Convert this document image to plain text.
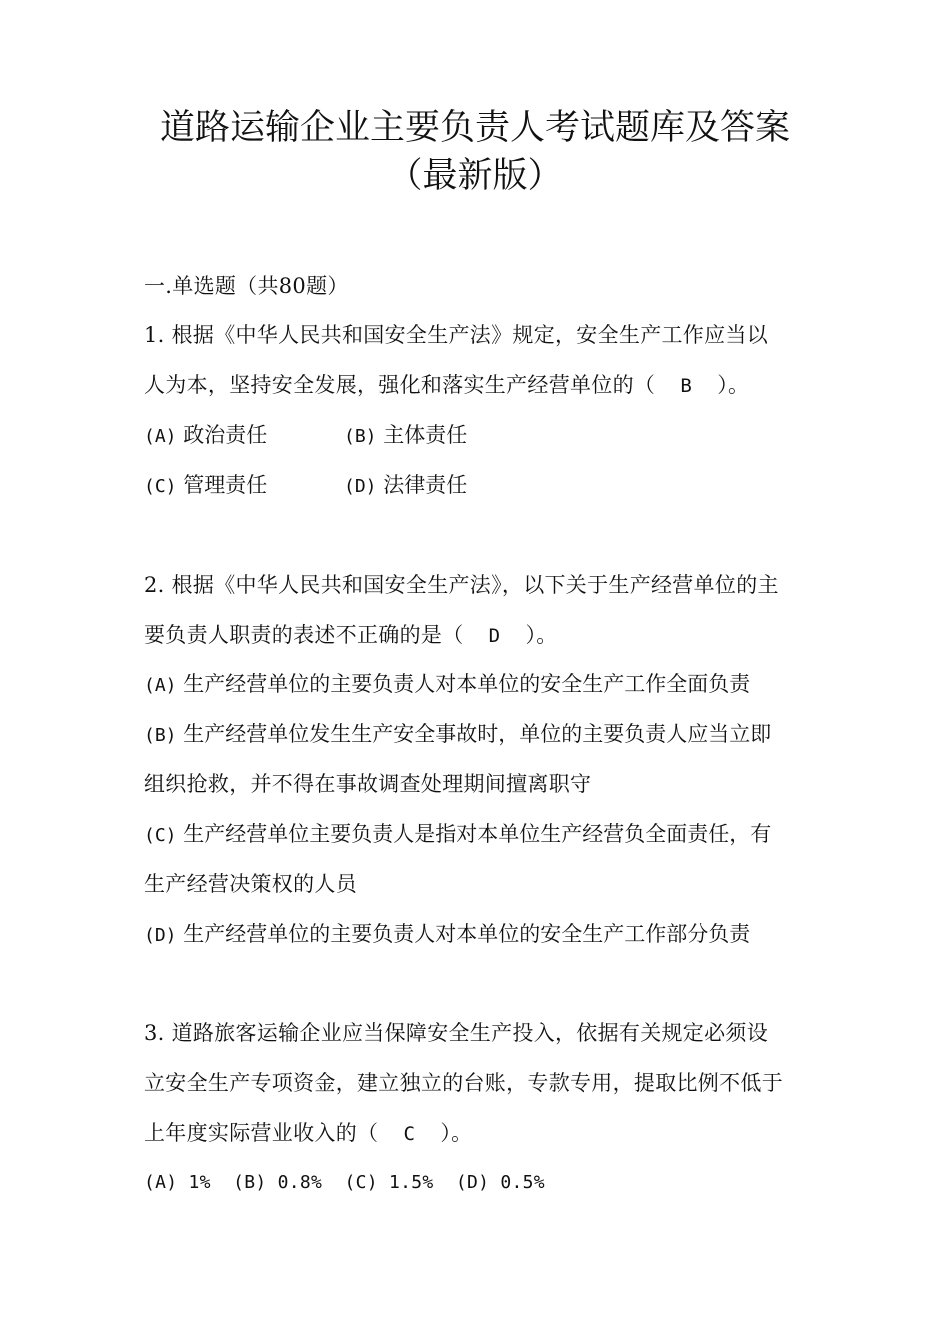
道路运输企业主要负责人考试题库及答案
（最新版）
一.单选题（共80题）
1. 根据《中华人民共和国安全生产法》规定，安全生产工作应当以
人为本，坚持安全发展，强化和落实生产经营单位的（ B ）。
(A) 政治责任	(B) 主体责任
(C) 管理责任	(D) 法律责任
2. 根据《中华人民共和国安全生产法》，以下关于生产经营单位的主
要负责人职责的表述不正确的是（ D ）。
(A) 生产经营单位的主要负责人对本单位的安全生产工作全面负责
(B) 生产经营单位发生生产安全事故时，单位的主要负责人应当立即
组织抢救，并不得在事故调查处理期间擅离职守
(C) 生产经营单位主要负责人是指对本单位生产经营负全面责任，有
生产经营决策权的人员
(D) 生产经营单位的主要负责人对本单位的安全生产工作部分负责
3. 道路旅客运输企业应当保障安全生产投入，依据有关规定必须设
立安全生产专项资金，建立独立的台账，专款专用，提取比例不低于
上年度实际营业收入的（ C ）。
(A) 1%  (B) 0.8%  (C) 1.5%  (D) 0.5%
